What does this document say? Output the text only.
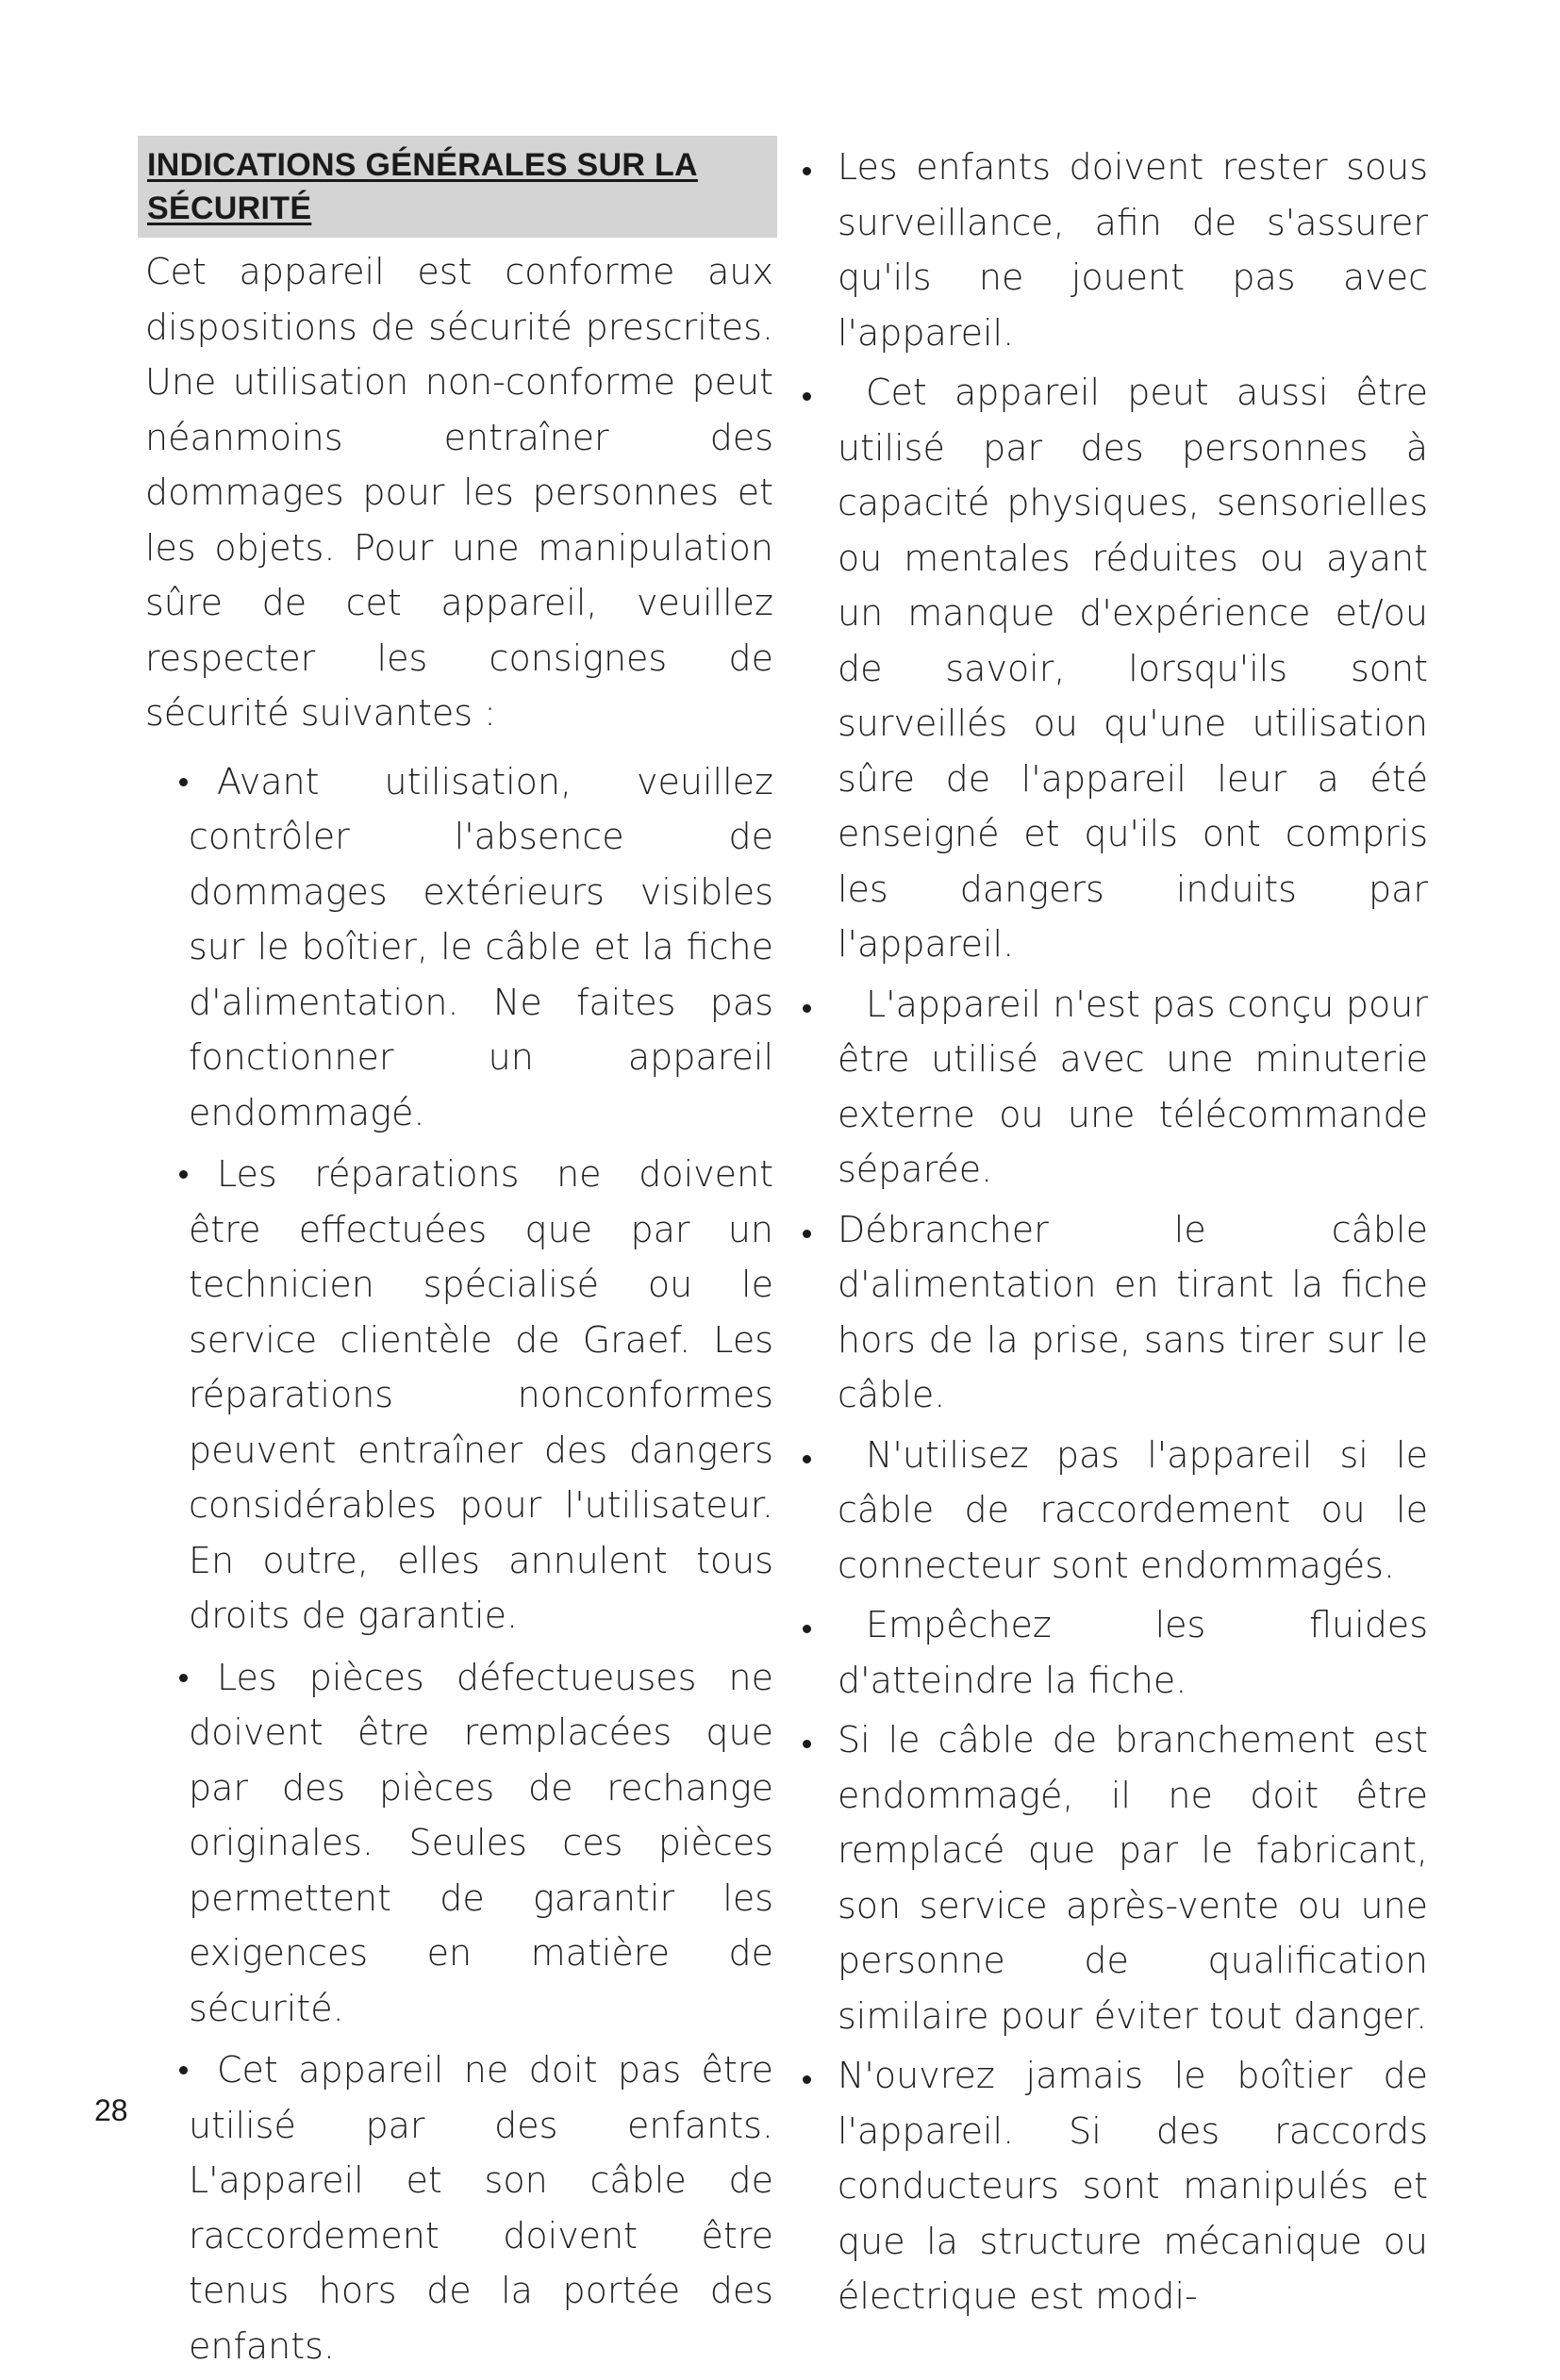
INDICATIONS GÉNÉRALES SUR LA
SÉCURITÉ

Cet appareil est conforme aux dispositions de sécurité prescrites. Une utilisation non-conforme peut néanmoins entraîner des dommages pour les personnes et les objets. Pour une manipulation sûre de cet appareil, veuillez respecter les consignes de sécurité suivantes :

Avant utilisation, veuillez contrôler l'absence de dommages extérieurs visibles sur le boîtier, le câble et la fiche d'alimentation. Ne faites pas fonctionner un appareil endommagé.
Les réparations ne doivent être effectuées que par un technicien spécialisé ou le service clientèle de Graef. Les réparations nonconformes peuvent entraîner des dangers considérables pour l'utilisateur. En outre, elles annulent tous droits de garantie.
Les pièces défectueuses ne doivent être remplacées que par des pièces de rechange originales. Seules ces pièces permettent de garantir les exigences en matière de sécurité.
Cet appareil ne doit pas être utilisé par des enfants. L'appareil et son câble de raccordement doivent être tenus hors de la portée des enfants.
Les enfants doivent rester sous surveillance, afin de s'assurer qu'ils ne jouent pas avec l'appareil.
Cet appareil peut aussi être utilisé par des personnes à capacité physiques, sensorielles ou mentales réduites ou ayant un manque d'expérience et/ou de savoir, lorsqu'ils sont surveillés ou qu'une utilisation sûre de l'appareil leur a été enseigné et qu'ils ont compris les dangers induits par l'appareil.
L'appareil n'est pas conçu pour être utilisé avec une minuterie externe ou une télécommande séparée.
Débrancher le câble d'alimentation en tirant la fiche hors de la prise, sans tirer sur le câble.
N'utilisez pas l'appareil si le câble de raccordement ou le connecteur sont endommagés.
Empêchez les fluides d'atteindre la fiche.
Si le câble de branchement est endommagé, il ne doit être remplacé que par le fabricant, son service après-vente ou une personne de qualification similaire pour éviter tout danger.
N'ouvrez jamais le boîtier de l'appareil. Si des raccords conducteurs sont manipulés et que la structure mécanique ou électrique est modi-
28
